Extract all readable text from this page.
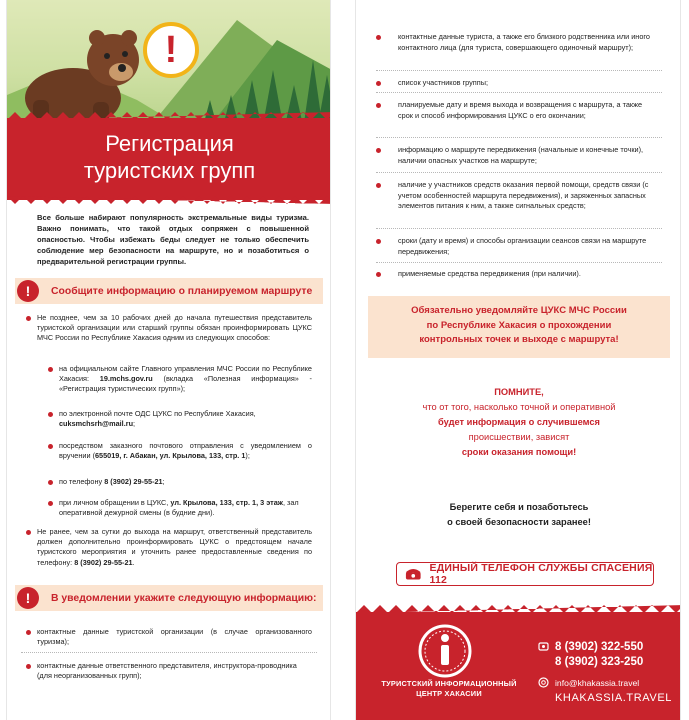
!
Регистрация
туристских групп
Все больше набирают популярность экстремальные виды туризма. Важно понимать, что такой отдых сопряжен с повышенной опасностью. Чтобы избежать беды следует не только обеспечить соблюдение мер безопасности на маршруте, но и позаботиться о предварительной регистрации группы.
!	Сообщите информацию о планируемом маршруте
Не позднее, чем за 10 рабочих дней до начала путешествия представитель туристской организации или старший группы обязан проинформировать ЦУКС МЧС России по Республике Хакасия одним из следующих способов:
на официальном сайте Главного управления МЧС России по Республике Хакасия: 19.mchs.gov.ru (вкладка «Полезная информация» - «Регистрация туристических групп»);
по электронной почте ОДС ЦУКС по Республике Хакасия,
cuksmchsrh@mail.ru;
посредством заказного почтового отправления с уведомлением о вручении (655019, г. Абакан, ул. Крылова, 133, стр. 1);
по телефону 8 (3902) 29-55-21;
при личном обращении в ЦУКС, ул. Крылова, 133, стр. 1, 3 этаж, зал оперативной дежурной смены (в будние дни).
Не ранее, чем за сутки до выхода на маршрут, ответственный представитель должен дополнительно проинформировать ЦУКС о предстоящем начале туристского мероприятия и уточнить ранее предоставленные сведения по телефону: 8 (3902) 29-55-21.
!	В уведомлении укажите следующую информацию:
контактные данные туристской организации (в случае организованного туризма);
контактные данные ответственного представителя, инструктора-проводника (для неорганизованных групп);
контактные данные туриста, а также его близкого родственника или иного контактного лица (для туриста, совершающего одиночный маршрут);
список участников группы;
планируемые дату и время выхода и возвращения с маршрута, а также срок и способ информирования ЦУКС о его окончании;
информацию о маршруте передвижения (начальные и конечные точки), наличии опасных участков на маршруте;
наличие у участников средств оказания первой помощи, средств связи (с учетом особенностей маршрута передвижения), и заряженных запасных элементов питания к ним, а также сигнальных средств;
сроки (дату и время) и способы организации сеансов связи на маршруте передвижения;
применяемые средства передвижения (при наличии).
Обязательно уведомляйте ЦУКС МЧС России
по Республике Хакасия о прохождении
контрольных точек и выходе с маршрута!
ПОМНИТЕ,
что от того, насколько точной и оперативной
будет информация о случившемся
происшествии, зависят
сроки оказания помощи!
Берегите себя и позаботьтесь
о своей безопасности заранее!
ЕДИНЫЙ ТЕЛЕФОН СЛУЖБЫ СПАСЕНИЯ 112
ТУРИСТСКИЙ ИНФОРМАЦИОННЫЙ
ЦЕНТР ХАКАСИИ
8 (3902) 322-550
8 (3902) 323-250
info@khakassia.travel
KHAKASSIA.TRAVEL
